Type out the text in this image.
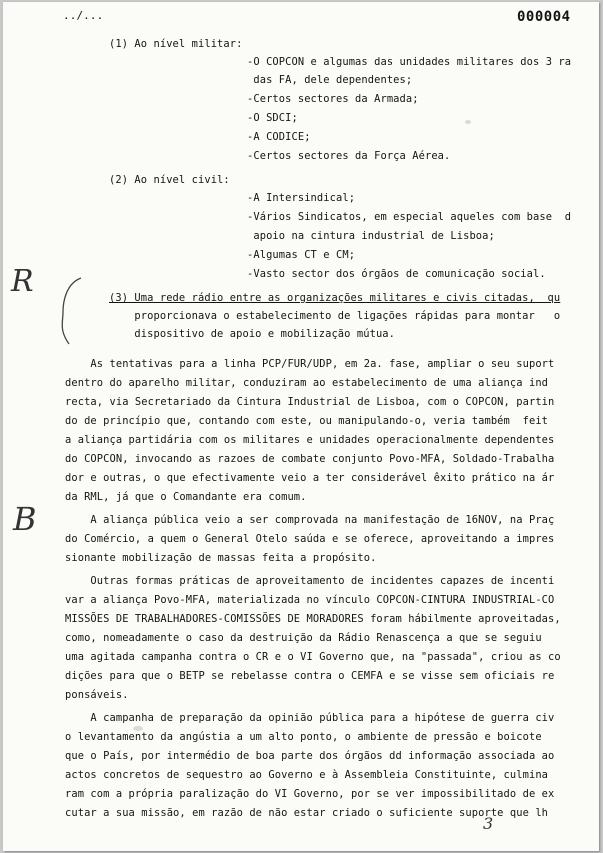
../...	000004
(1) Ao nível militar:
-O COPCON e algumas das unidades militares dos 3 ra
das FA, dele dependentes;
-Certos sectores da Armada;
-O SDCI;
-A CODICE;
-Certos sectores da Força Aérea.
(2) Ao nível civil:
-A Intersindical;
-Vários Sindicatos, em especial aqueles com base  d
apoio na cintura industrial de Lisboa;
-Algumas CT e CM;
-Vasto sector dos órgãos de comunicação social.
(3) Uma rede rádio entre as organizações militares e civis citadas,  qu
proporcionava o estabelecimento de ligações rápidas para montar   o
dispositivo de apoio e mobilização mútua.
As tentativas para a linha PCP/FUR/UDP, em 2a. fase, ampliar o seu suport
dentro do aparelho militar, conduziram ao estabelecimento de uma aliança ind
recta, via Secretariado da Cintura Industrial de Lisboa, com o COPCON, partin
do de princípio que, contando com este, ou manipulando-o, veria também  feit
a aliança partidária com os militares e unidades operacionalmente dependentes
do COPCON, invocando as razoes de combate conjunto Povo-MFA, Soldado-Trabalha
dor e outras, o que efectivamente veio a ter considerável êxito prático na ár
da RML, já que o Comandante era comum.
A aliança pública veio a ser comprovada na manifestação de 16NOV, na Praç
do Comércio, a quem o General Otelo saúda e se oferece, aproveitando a impres
sionante mobilização de massas feita a propósito.
Outras formas práticas de aproveitamento de incidentes capazes de incenti
var a aliança Povo-MFA, materializada no vínculo COPCON-CINTURA INDUSTRIAL-CO
MISSÕES DE TRABALHADORES-COMISSÕES DE MORADORES foram hábilmente aproveitadas,
como, nomeadamente o caso da destruição da Rádio Renascença a que se seguiu
uma agitada campanha contra o CR e o VI Governo que, na "passada", criou as co
dições para que o BETP se rebelasse contra o CEMFA e se visse sem oficiais re
ponsáveis.
A campanha de preparação da opinião pública para a hipótese de guerra civ
o levantamento da angústia a um alto ponto, o ambiente de pressão e boicote
que o País, por intermédio de boa parte dos órgãos dd informação associada ao
actos concretos de sequestro ao Governo e à Assembleia Constituinte, culmina
ram com a própria paralização do VI Governo, por se ver impossibilitado de ex
cutar a sua missão, em razão de não estar criado o suficiente suporte que lh
R
B
3
